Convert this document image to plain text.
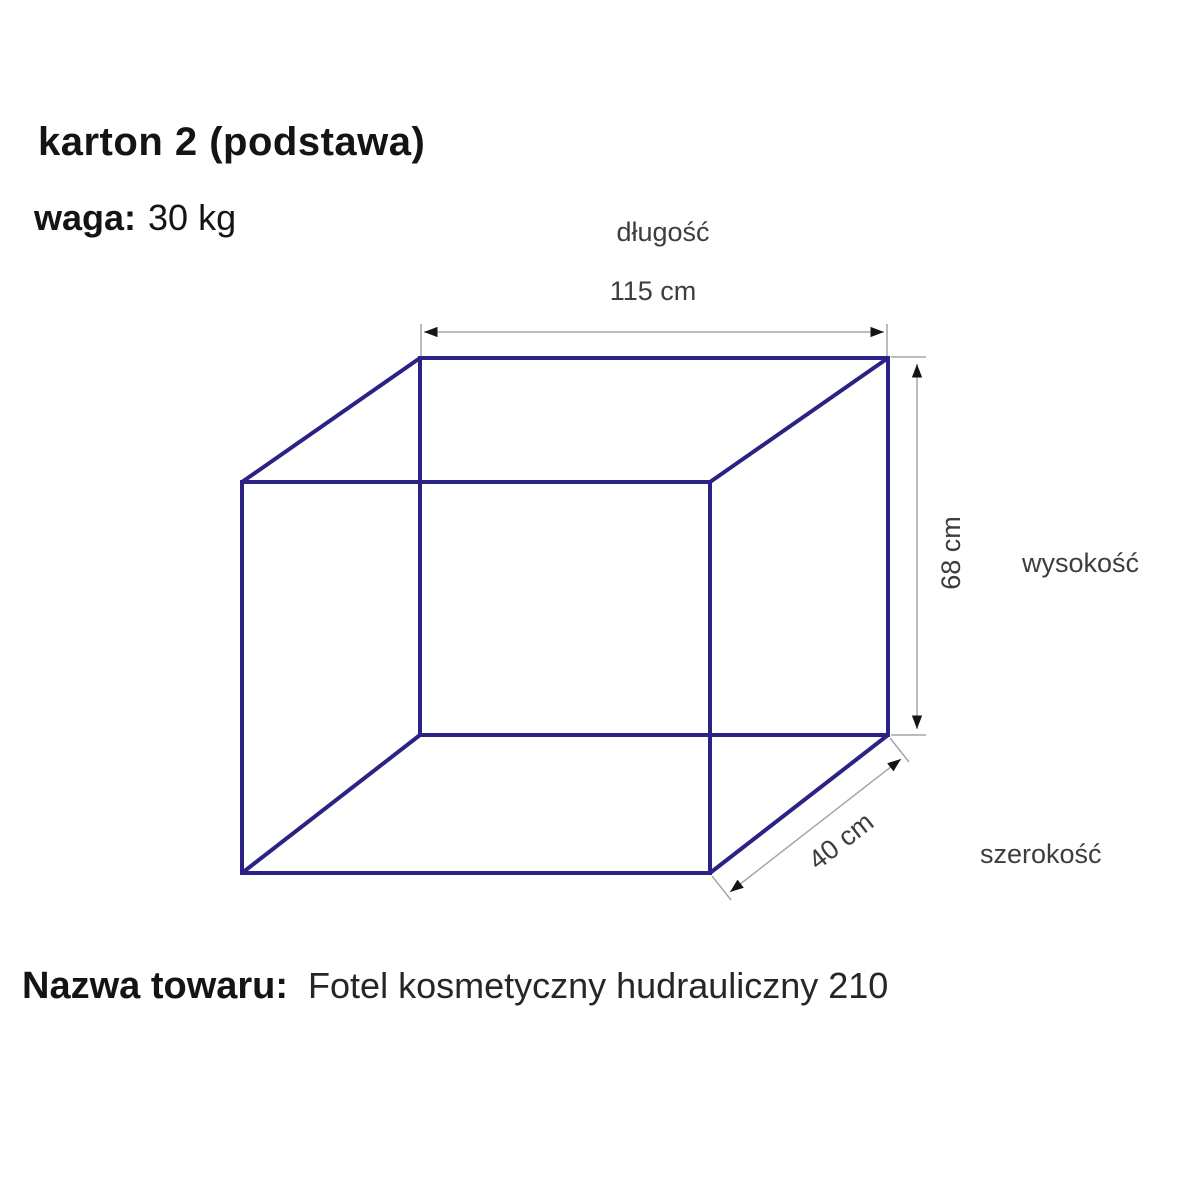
karton 2 (podstawa)
waga: 30 kg	długość
115 cm
68 cm wysokość
40 cm	szerokość
Nazwa towaru: Fotel kosmetyczny hudrauliczny 210
